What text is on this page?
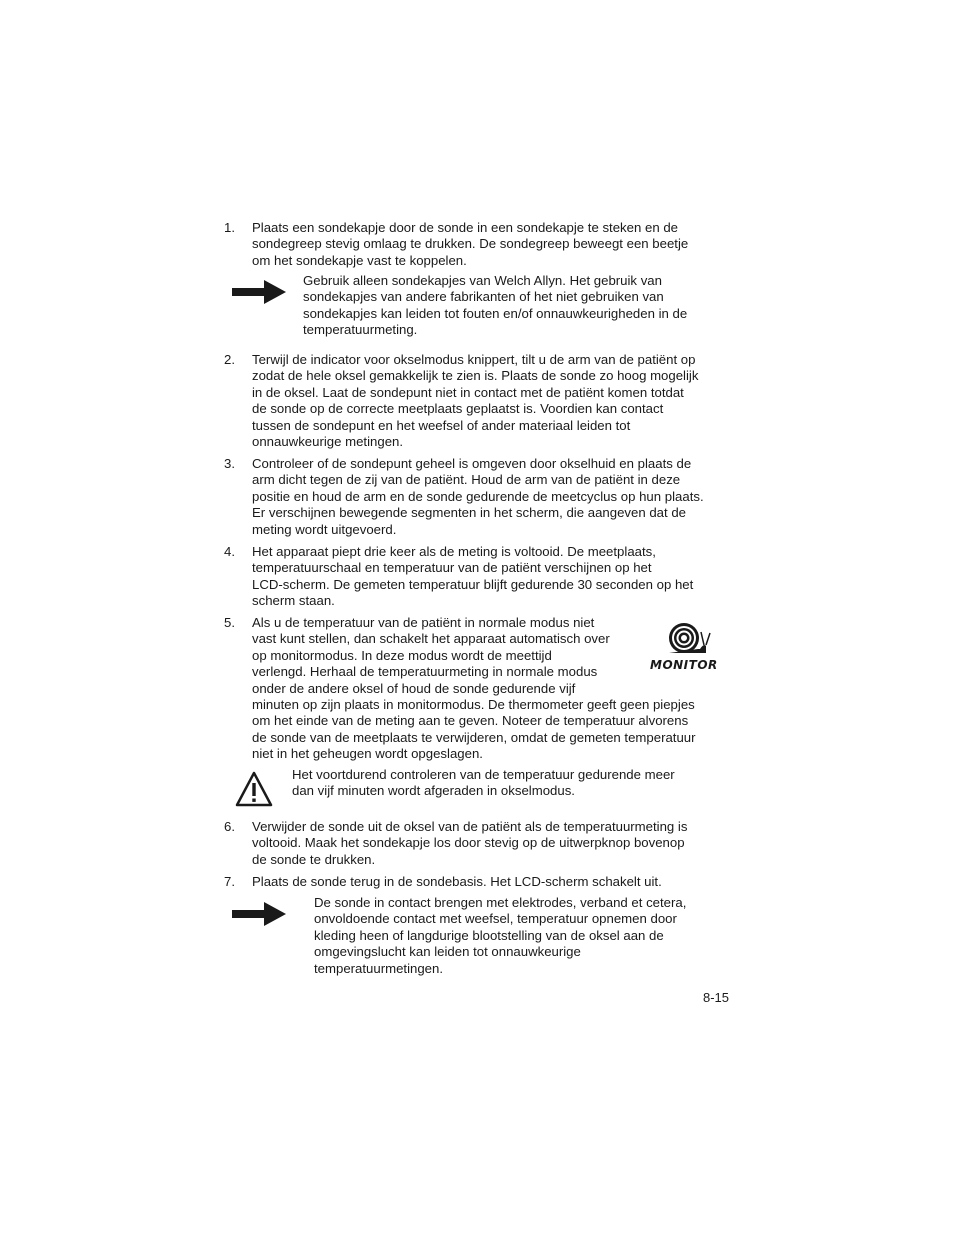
1. Plaats een sondekapje door de sonde in een sondekapje te steken en de
sondegreep stevig omlaag te drukken. De sondegreep beweegt een beetje
om het sondekapje vast te koppelen.

Gebruik alleen sondekapjes van Welch Allyn. Het gebruik van
sondekapjes van andere fabrikanten of het niet gebruiken van
sondekapjes kan leiden tot fouten en/of onnauwkeurigheden in de
temperatuurmeting.

2. Terwijl de indicator voor okselmodus knippert, tilt u de arm van de patiënt op
zodat de hele oksel gemakkelijk te zien is. Plaats de sonde zo hoog mogelijk
in de oksel. Laat de sondepunt niet in contact met de patiënt komen totdat
de sonde op de correcte meetplaats geplaatst is. Voordien kan contact
tussen de sondepunt en het weefsel of ander materiaal leiden tot
onnauwkeurige metingen.

3. Controleer of de sondepunt geheel is omgeven door okselhuid en plaats de
arm dicht tegen de zij van de patiënt. Houd de arm van de patiënt in deze
positie en houd de arm en de sonde gedurende de meetcyclus op hun plaats.
Er verschijnen bewegende segmenten in het scherm, die aangeven dat de
meting wordt uitgevoerd.

4. Het apparaat piept drie keer als de meting is voltooid. De meetplaats,
temperatuurschaal en temperatuur van de patiënt verschijnen op het
LCD-scherm. De gemeten temperatuur blijft gedurende 30 seconden op het
scherm staan.

5. Als u de temperatuur van de patiënt in normale modus niet
vast kunt stellen, dan schakelt het apparaat automatisch over
op monitormodus. In deze modus wordt de meettijd
verlengd. Herhaal de temperatuurmeting in normale modus
onder de andere oksel of houd de sonde gedurende vijf

minuten op zijn plaats in monitormodus. De thermometer geeft geen piepjes
om het einde van de meting aan te geven. Noteer de temperatuur alvorens
de sonde van de meetplaats te verwijderen, omdat de gemeten temperatuur
niet in het geheugen wordt opgeslagen.

MONITOR

Het voortdurend controleren van de temperatuur gedurende meer
dan vijf minuten wordt afgeraden in okselmodus.

6. Verwijder de sonde uit de oksel van de patiënt als de temperatuurmeting is
voltooid. Maak het sondekapje los door stevig op de uitwerpknop bovenop
de sonde te drukken.

7. Plaats de sonde terug in de sondebasis. Het LCD-scherm schakelt uit.

De sonde in contact brengen met elektrodes, verband et cetera,
onvoldoende contact met weefsel, temperatuur opnemen door
kleding heen of langdurige blootstelling van de oksel aan de
omgevingslucht kan leiden tot onnauwkeurige
temperatuurmetingen.

8-15
